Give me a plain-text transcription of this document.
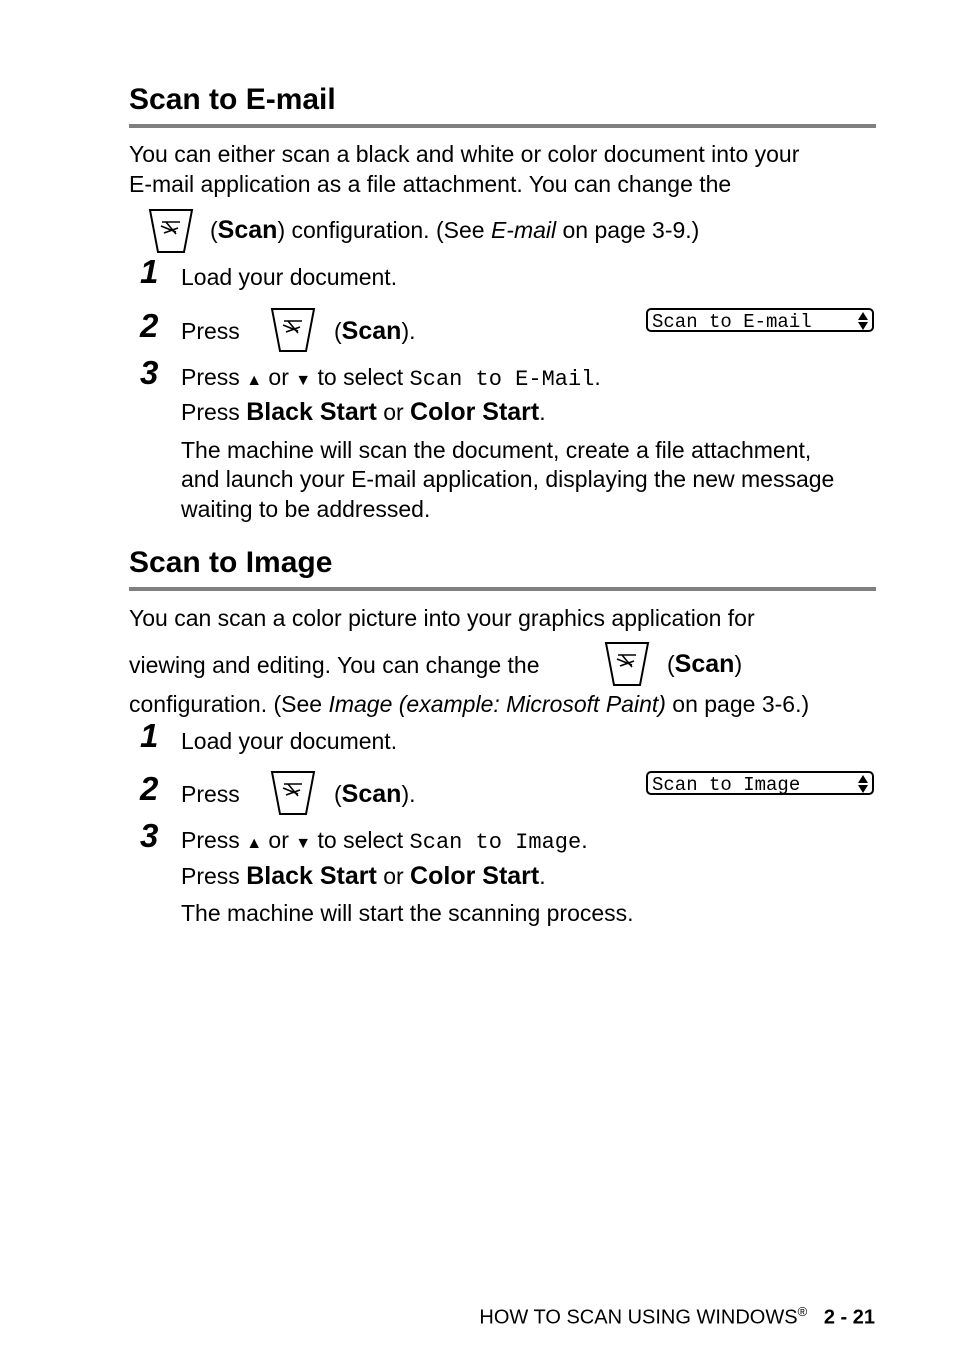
Scan to E-mail

You can either scan a black and white or color document into your

E-mail application as a file attachment. You can change the

(Scan) configuration. (See E-mail on page 3-9.)

1 Load your document.

2 Press	(Scan).	Scan to E-mail
3 Press ▲ or ▼ to select Scan to E-Mail.

Press Black Start or Color Start.

The machine will scan the document, create a file attachment,

and launch your E-mail application, displaying the new message

waiting to be addressed.

Scan to Image

You can scan a color picture into your graphics application for

viewing and editing. You can change the	(Scan)

configuration. (See Image (example: Microsoft Paint) on page 3-6.)

1 Load your document.

2 Press	(Scan).	Scan to Image
3 Press ▲ or ▼ to select Scan to Image.

Press Black Start or Color Start.

The machine will start the scanning process.

HOW TO SCAN USING WINDOWS® 2 - 21
